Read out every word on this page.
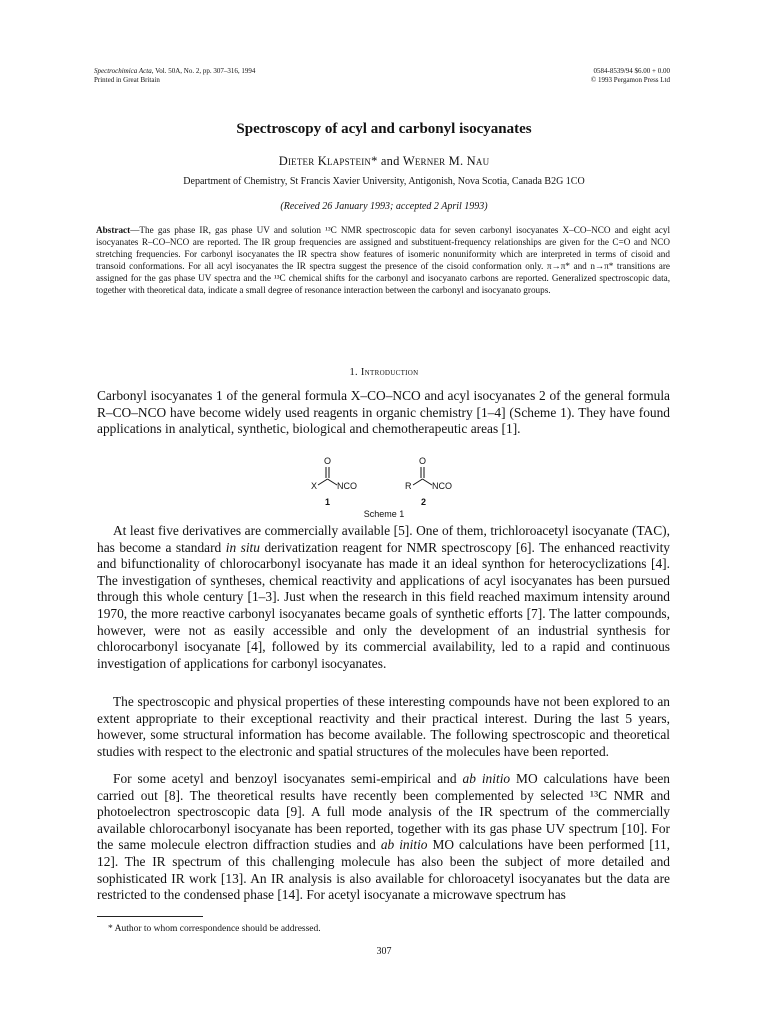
Spectrochimica Acta, Vol. 50A, No. 2, pp. 307–316, 1994
Printed in Great Britain
0584-8539/94 $6.00 + 0.00
© 1993 Pergamon Press Ltd
Spectroscopy of acyl and carbonyl isocyanates
Dieter Klapstein* and Werner M. Nau
Department of Chemistry, St Francis Xavier University, Antigonish, Nova Scotia, Canada B2G 1CO
(Received 26 January 1993; accepted 2 April 1993)
Abstract—The gas phase IR, gas phase UV and solution ¹³C NMR spectroscopic data for seven carbonyl isocyanates X–CO–NCO and eight acyl isocyanates R–CO–NCO are reported. The IR group frequencies are assigned and substituent-frequency relationships are given for the C=O and NCO stretching frequencies. For carbonyl isocyanates the IR spectra show features of isomeric nonuniformity which are interpreted in terms of cisoid and transoid conformations. For all acyl isocyanates the IR spectra suggest the presence of the cisoid conformation only. π→π* and n→π* transitions are assigned for the gas phase UV spectra and the ¹³C chemical shifts for the carbonyl and isocyanato carbons are reported. Generalized spectroscopic data, together with theoretical data, indicate a small degree of resonance interaction between the carbonyl and isocyanato groups.
1. Introduction

Carbonyl isocyanates 1 of the general formula X–CO–NCO and acyl isocyanates 2 of the general formula R–CO–NCO have become widely used reagents in organic chemistry [1–4] (Scheme 1). They have found applications in analytical, synthetic, biological and chemotherapeutic areas [1].

O
X NCO
1
O
R NCO
2
Scheme 1

At least five derivatives are commercially available [5]. One of them, trichloroacetyl isocyanate (TAC), has become a standard in situ derivatization reagent for NMR spectroscopy [6]. The enhanced reactivity and bifunctionality of chlorocarbonyl isocyanate has made it an ideal synthon for heterocyclizations [4]. The investigation of syntheses, chemical reactivity and applications of acyl isocyanates has been pursued through this whole century [1–3]. Just when the research in this field reached maximum intensity around 1970, the more reactive carbonyl isocyanates became goals of synthetic efforts [7]. The latter compounds, however, were not as easily accessible and only the development of an industrial synthesis for chlorocarbonyl isocyanate [4], followed by its commercial availability, led to a rapid and continuous investigation of applications for carbonyl isocyanates.

The spectroscopic and physical properties of these interesting compounds have not been explored to an extent appropriate to their exceptional reactivity and their practical interest. During the last 5 years, however, some structural information has become available. The following spectroscopic and theoretical studies with respect to the electronic and spatial structures of the molecules have been reported.

For some acetyl and benzoyl isocyanates semi-empirical and ab initio MO calculations have been carried out [8]. The theoretical results have recently been complemented by selected ¹³C NMR and photoelectron spectroscopic data [9]. A full mode analysis of the IR spectrum of the commercially available chlorocarbonyl isocyanate has been reported, together with its gas phase UV spectrum [10]. For the same molecule electron diffraction studies and ab initio MO calculations have been performed [11, 12]. The IR spectrum of this challenging molecule has also been the subject of more detailed and sophisticated IR work [13]. An IR analysis is also available for chloroacetyl isocyanates but the data are restricted to the condensed phase [14]. For acetyl isocyanate a microwave spectrum has

* Author to whom correspondence should be addressed.
307
